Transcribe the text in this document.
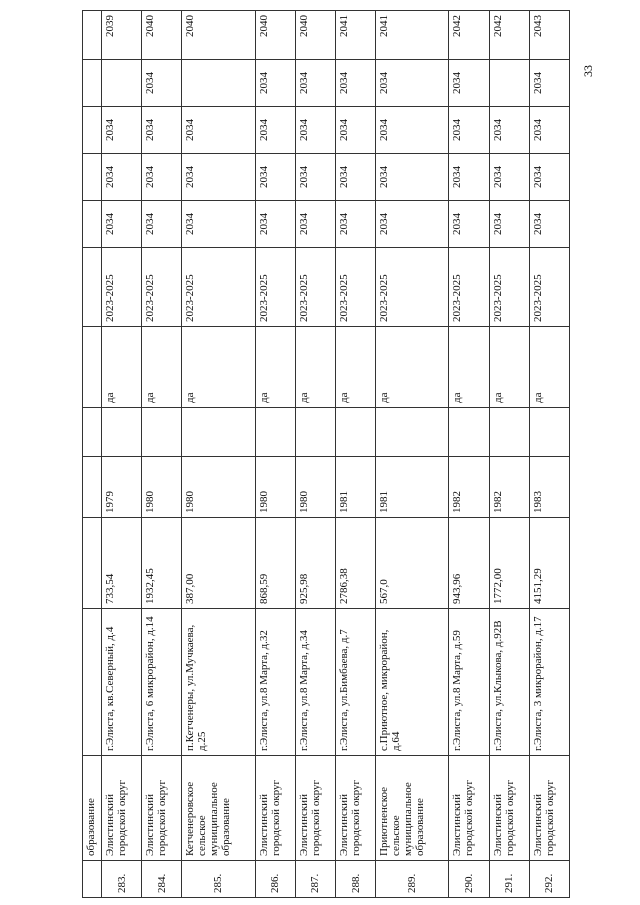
	образование											
283.	Элистинский городской округ	г.Элиста, кв.Северный, д.4	733,54	1979		да	2023-2025	2034	2034	2034		2039
284.	Элистинский городской округ	г.Элиста, 6 микрорайон, д.14	1932,45	1980		да	2023-2025	2034	2034	2034	2034	2040
285.	Кетченеровское сельское муниципальное образование	п.Кетченеры, ул.Мучкаева, д.25	387,00	1980		да	2023-2025	2034	2034	2034		2040
286.	Элистинский городской округ	г.Элиста, ул.8 Марта, д.32	868,59	1980		да	2023-2025	2034	2034	2034	2034	2040
287.	Элистинский городской округ	г.Элиста, ул.8 Марта, д.34	925,98	1980		да	2023-2025	2034	2034	2034	2034	2040
288.	Элистинский городской округ	г.Элиста, ул.Бимбаева, д.7	2786,38	1981		да	2023-2025	2034	2034	2034	2034	2041
289.	Приютненское сельское муниципальное образование	с.Приютное, микрорайон, д.64	567,0	1981		да	2023-2025	2034	2034	2034	2034	2041
290.	Элистинский городской округ	г.Элиста, ул.8 Марта, д.59	943,96	1982		да	2023-2025	2034	2034	2034	2034	2042
291.	Элистинский городской округ	г.Элиста, ул.Клыкова, д.92В	1772,00	1982		да	2023-2025	2034	2034	2034		2042
292.	Элистинский городской округ	г.Элиста, 3 микрорайон, д.17	4151,29	1983		да	2023-2025	2034	2034	2034	2034	2043
33
